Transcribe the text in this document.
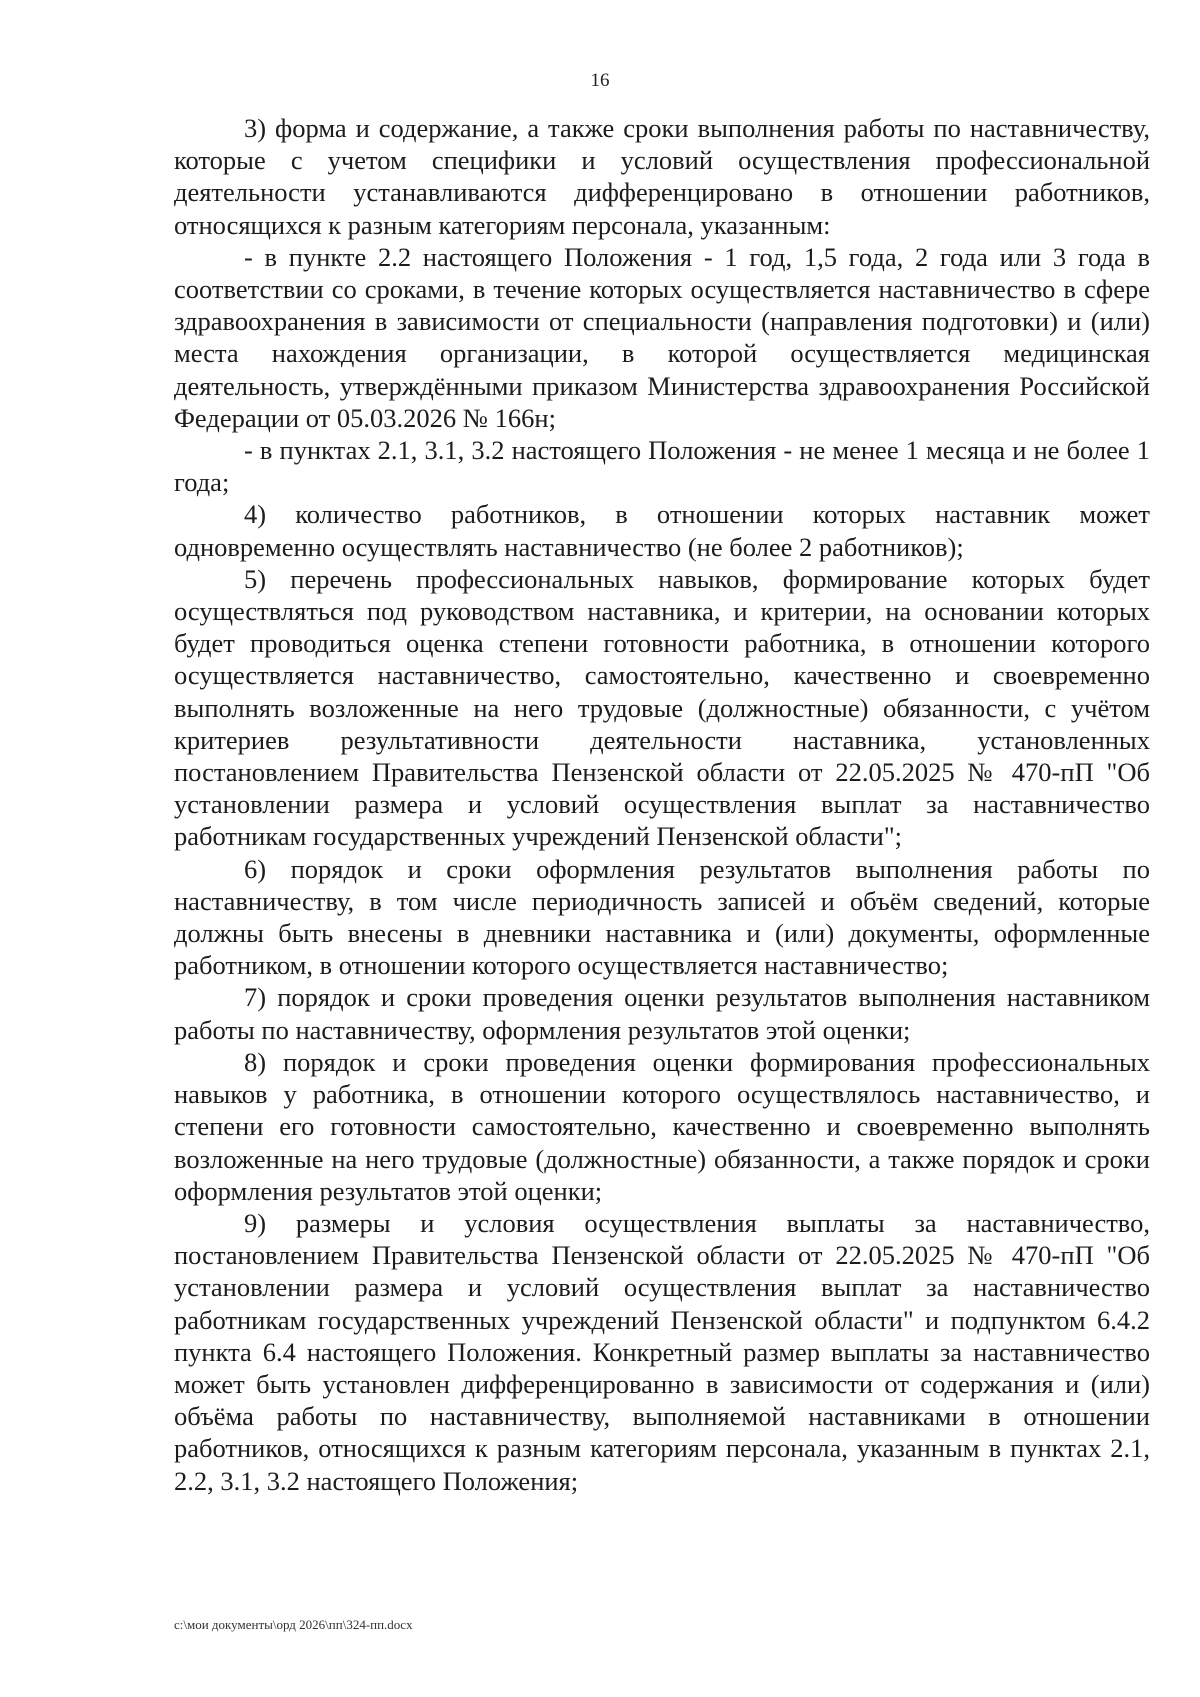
16

3) форма и содержание, а также сроки выполнения работы по наставничеству, которые с учетом специфики и условий осуществления профессиональной деятельности устанавливаются дифференцировано в отношении работников, относящихся к разным категориям персонала, указанным:

- в пункте 2.2 настоящего Положения - 1 год, 1,5 года, 2 года или 3 года в соответствии со сроками, в течение которых осуществляется наставничество в сфере здравоохранения в зависимости от специальности (направления подготовки) и (или) места нахождения организации, в которой осуществляется медицинская деятельность, утверждёнными приказом Министерства здравоохранения Российской Федерации от 05.03.2026 № 166н;

- в пунктах 2.1, 3.1, 3.2 настоящего Положения - не менее 1 месяца и не более 1 года;

4) количество работников, в отношении которых наставник может одновременно осуществлять наставничество (не более 2 работников);

5) перечень профессиональных навыков, формирование которых будет осуществляться под руководством наставника, и критерии, на основании которых будет проводиться оценка степени готовности работника, в отношении которого осуществляется наставничество, самостоятельно, качественно и своевременно выполнять возложенные на него трудовые (должностные) обязанности, с учётом критериев результативности деятельности наставника, установленных постановлением Правительства Пензенской области от 22.05.2025 № 470-пП "Об установлении размера и условий осуществления выплат за наставничество работникам государственных учреждений Пензенской области";

6) порядок и сроки оформления результатов выполнения работы по наставничеству, в том числе периодичность записей и объём сведений, которые должны быть внесены в дневники наставника и (или) документы, оформленные работником, в отношении которого осуществляется наставничество;

7) порядок и сроки проведения оценки результатов выполнения наставником работы по наставничеству, оформления результатов этой оценки;

8) порядок и сроки проведения оценки формирования профессиональных навыков у работника, в отношении которого осуществлялось наставничество, и степени его готовности самостоятельно, качественно и своевременно выполнять возложенные на него трудовые (должностные) обязанности, а также порядок и сроки оформления результатов этой оценки;

9) размеры и условия осуществления выплаты за наставничество, постановлением Правительства Пензенской области от 22.05.2025 № 470-пП "Об установлении размера и условий осуществления выплат за наставничество работникам государственных учреждений Пензенской области" и подпунктом 6.4.2 пункта 6.4 настоящего Положения. Конкретный размер выплаты за наставничество может быть установлен дифференцированно в зависимости от содержания и (или) объёма работы по наставничеству, выполняемой наставниками в отношении работников, относящихся к разным категориям персонала, указанным в пунктах 2.1, 2.2, 3.1, 3.2 настоящего Положения;

c:\мои документы\орд 2026\пп\324-пп.docx
